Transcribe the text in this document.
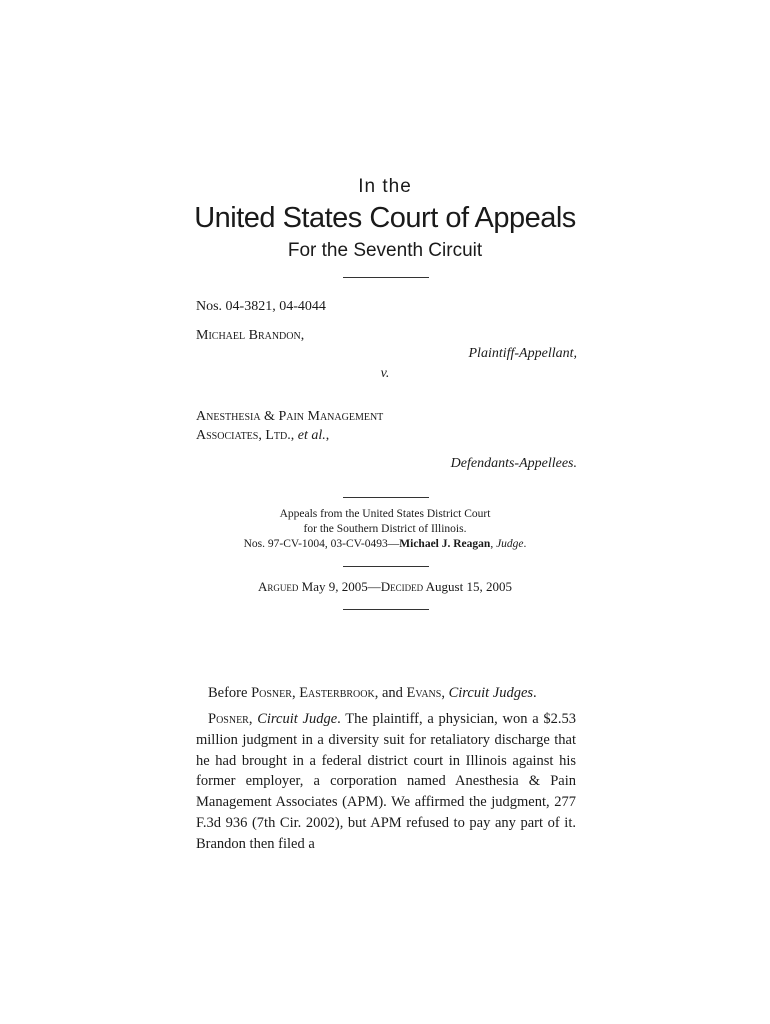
In the
United States Court of Appeals
For the Seventh Circuit
Nos. 04-3821, 04-4044
Michael Brandon,
Plaintiff-Appellant,
v.
Anesthesia & Pain Management
Associates, Ltd., et al.,
Defendants-Appellees.
Appeals from the United States District Court
for the Southern District of Illinois.
Nos. 97-CV-1004, 03-CV-0493—Michael J. Reagan, Judge.
Argued May 9, 2005—Decided August 15, 2005
Before Posner, Easterbrook, and Evans, Circuit Judges.
Posner, Circuit Judge. The plaintiff, a physician, won a $2.53 million judgment in a diversity suit for retaliatory discharge that he had brought in a federal district court in Illinois against his former employer, a corporation named Anesthesia & Pain Management Associates (APM). We affirmed the judgment, 277 F.3d 936 (7th Cir. 2002), but APM refused to pay any part of it. Brandon then filed a
